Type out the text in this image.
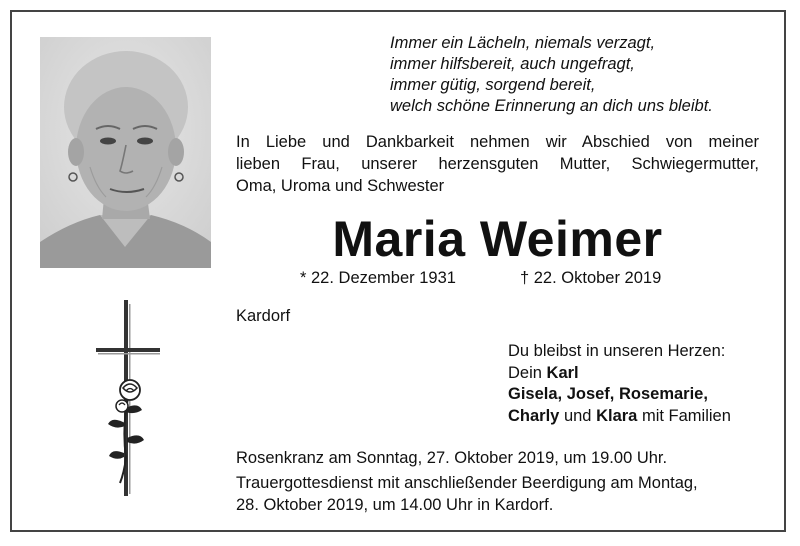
Immer ein Lächeln, niemals verzagt,
immer hilfsbereit, auch ungefragt,
immer gütig, sorgend bereit,
welch schöne Erinnerung an dich uns bleibt.
In Liebe und Dankbarkeit nehmen wir Abschied von meiner
lieben Frau, unserer herzensguten Mutter, Schwiegermutter,
Oma, Uroma und Schwester
Maria Weimer
* 22. Dezember 1931	† 22. Oktober 2019
Kardorf
Du bleibst in unseren Herzen:
Dein Karl
Gisela, Josef, Rosemarie,
Charly und Klara mit Familien
Rosenkranz am Sonntag, 27. Oktober 2019, um 19.00 Uhr.
Trauergottesdienst mit anschließender Beerdigung am Montag,
28. Oktober 2019, um 14.00 Uhr in Kardorf.
